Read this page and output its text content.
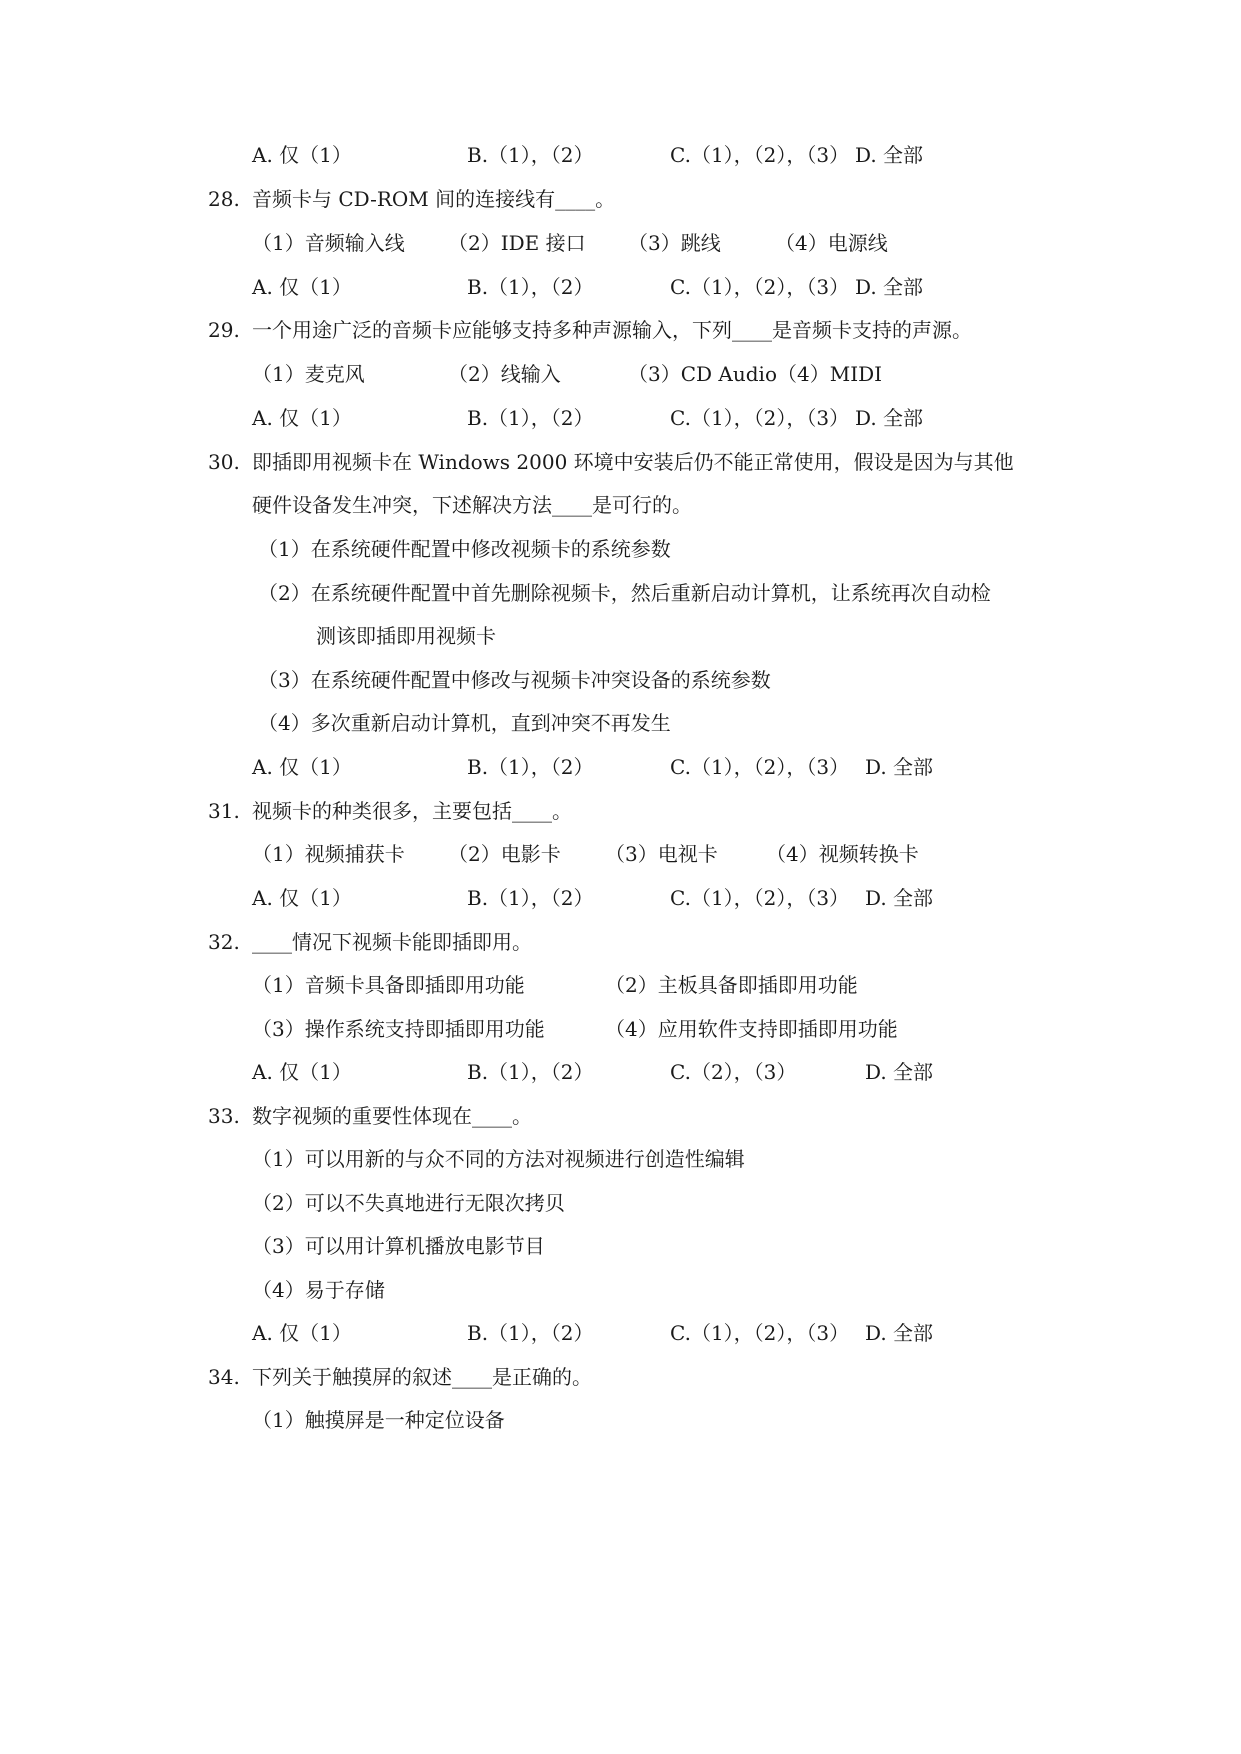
A. 仅（1）	B.（1），（2）	C.（1），（2），（3） D. 全部
28. 音频卡与 CD-ROM 间的连接线有____。
（1）音频输入线 （2）IDE 接口 （3）跳线	（4）电源线
A. 仅（1）	B.（1），（2）	C.（1），（2），（3） D. 全部
29. 一个用途广泛的音频卡应能够支持多种声源输入，下列____是音频卡支持的声源。
（1）麦克风	（2）线输入	（3）CD Audio （4）MIDI
A. 仅（1）	B.（1），（2）	C.（1），（2），（3） D. 全部
30. 即插即用视频卡在 Windows 2000 环境中安装后仍不能正常使用，假设是因为与其他
硬件设备发生冲突，下述解决方法____是可行的。
（1）在系统硬件配置中修改视频卡的系统参数
（2）在系统硬件配置中首先删除视频卡，然后重新启动计算机，让系统再次自动检
测该即插即用视频卡
（3）在系统硬件配置中修改与视频卡冲突设备的系统参数
（4）多次重新启动计算机，直到冲突不再发生
A. 仅（1）	B.（1），（2）	C.（1），（2），（3） D. 全部
31. 视频卡的种类很多，主要包括____。
（1）视频捕获卡 （2）电影卡 （3）电视卡 （4）视频转换卡
A. 仅（1）	B.（1），（2）	C.（1），（2），（3） D. 全部
32. ____情况下视频卡能即插即用。
（1）音频卡具备即插即用功能	（2）主板具备即插即用功能
（3）操作系统支持即插即用功能	（4）应用软件支持即插即用功能
A. 仅（1）	B.（1），（2）	C.（2），（3）	D. 全部
33. 数字视频的重要性体现在____。
（1）可以用新的与众不同的方法对视频进行创造性编辑
（2）可以不失真地进行无限次拷贝
（3）可以用计算机播放电影节目
（4）易于存储
A. 仅（1）	B.（1），（2）	C.（1），（2），（3） D. 全部
34. 下列关于触摸屏的叙述____是正确的。
（1）触摸屏是一种定位设备
